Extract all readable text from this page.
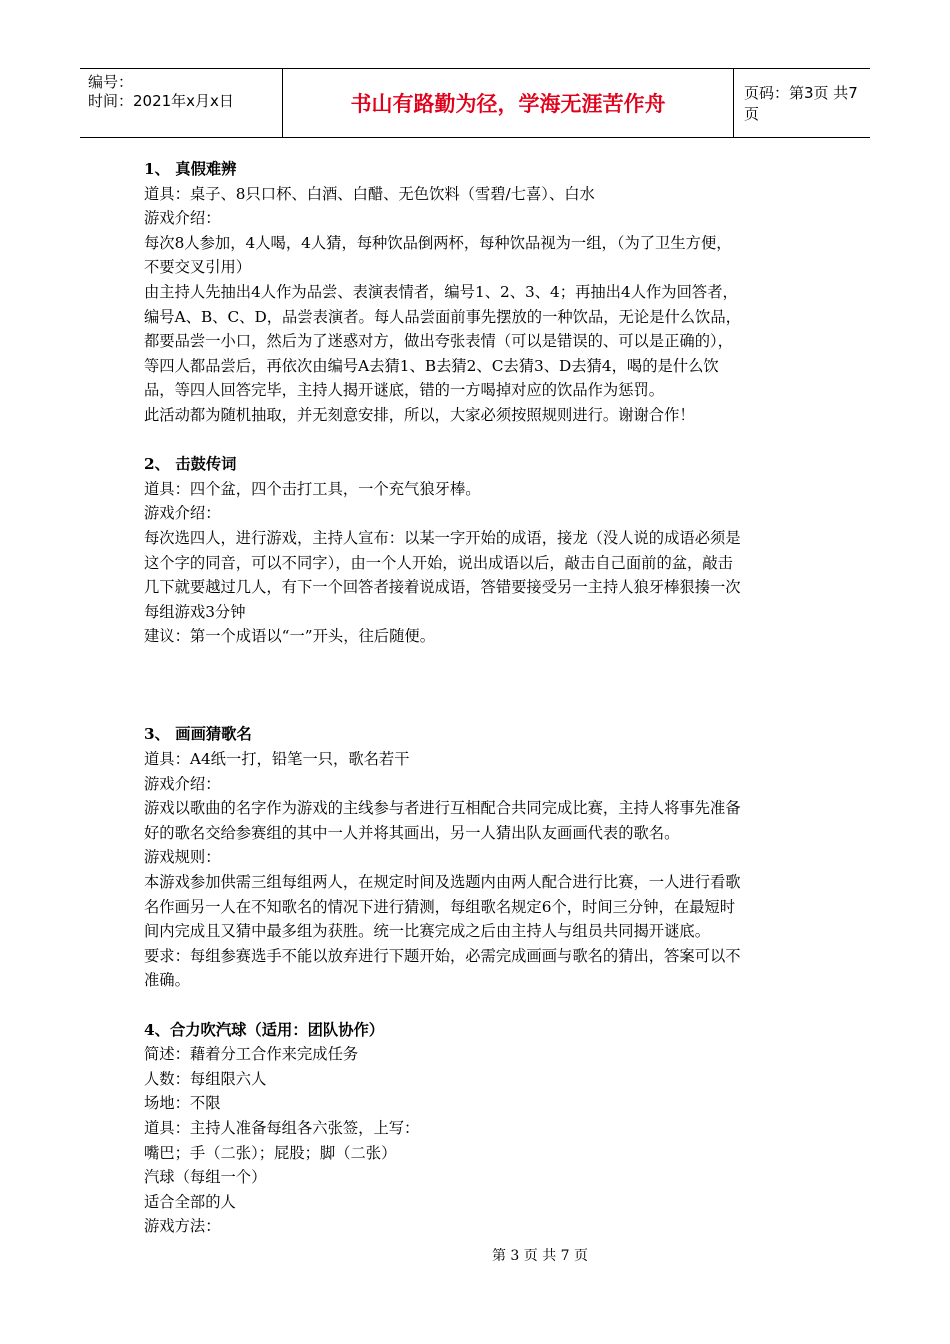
编号：
时间：2021年x月x日	书山有路勤为径，学海无涯苦作舟	页码：第3页 共7页

1、 真假难辨

道具：桌子、8只口杯、白酒、白醋、无色饮料（雪碧/七喜）、白水

游戏介绍：

每次8人参加，4人喝，4人猜，每种饮品倒两杯，每种饮品视为一组，（为了卫生方便，

不要交叉引用）

由主持人先抽出4人作为品尝、表演表情者，编号1、2、3、4；再抽出4人作为回答者，

编号A、B、C、D，品尝表演者。每人品尝面前事先摆放的一种饮品，无论是什么饮品，

都要品尝一小口，然后为了迷惑对方，做出夸张表情（可以是错误的、可以是正确的），

等四人都品尝后，再依次由编号A去猜1、B去猜2、C去猜3、D去猜4，喝的是什么饮

品，等四人回答完毕，主持人揭开谜底，错的一方喝掉对应的饮品作为惩罚。

此活动都为随机抽取，并无刻意安排，所以，大家必须按照规则进行。谢谢合作！

2、 击鼓传词

道具：四个盆，四个击打工具，一个充气狼牙棒。

游戏介绍：

每次选四人，进行游戏，主持人宣布：以某一字开始的成语，接龙（没人说的成语必须是

这个字的同音，可以不同字），由一个人开始，说出成语以后，敲击自己面前的盆，敲击

几下就要越过几人，有下一个回答者接着说成语，答错要接受另一主持人狼牙棒狠揍一次

每组游戏3分钟

建议：第一个成语以“一”开头，往后随便。

3、 画画猜歌名

道具：A4纸一打，铅笔一只，歌名若干

游戏介绍：

游戏以歌曲的名字作为游戏的主线参与者进行互相配合共同完成比赛，主持人将事先准备

好的歌名交给参赛组的其中一人并将其画出，另一人猜出队友画画代表的歌名。

游戏规则：

本游戏参加供需三组每组两人，在规定时间及选题内由两人配合进行比赛，一人进行看歌

名作画另一人在不知歌名的情况下进行猜测，每组歌名规定6个，时间三分钟，在最短时

间内完成且又猜中最多组为获胜。统一比赛完成之后由主持人与组员共同揭开谜底。

要求：每组参赛选手不能以放弃进行下题开始，必需完成画画与歌名的猜出，答案可以不

准确。

4、合力吹汽球（适用：团队协作）

简述：藉着分工合作来完成任务

人数：每组限六人

场地：不限

道具：主持人准备每组各六张签，上写：

嘴巴；手（二张）；屁股；脚（二张）

汽球（每组一个）

适合全部的人

游戏方法：

第 3 页 共 7 页
